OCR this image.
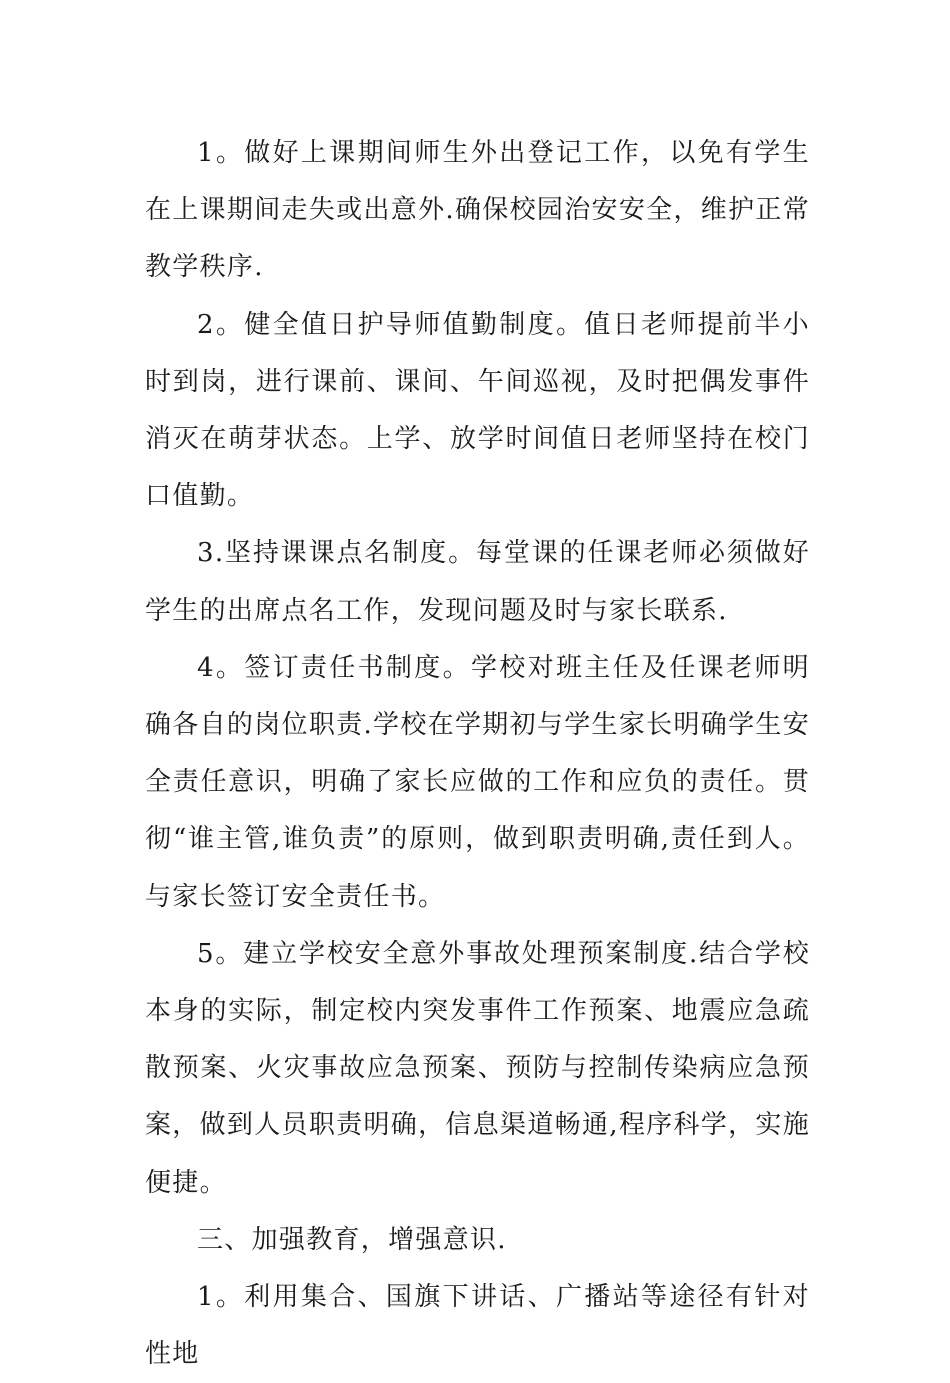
1。做好上课期间师生外出登记工作，以免有学生在上课期间走失或出意外.确保校园治安安全，维护正常教学秩序.

2。健全值日护导师值勤制度。值日老师提前半小时到岗，进行课前、课间、午间巡视，及时把偶发事件消灭在萌芽状态。上学、放学时间值日老师坚持在校门口值勤。

3.坚持课课点名制度。每堂课的任课老师必须做好学生的出席点名工作，发现问题及时与家长联系.

4。签订责任书制度。学校对班主任及任课老师明确各自的岗位职责.学校在学期初与学生家长明确学生安全责任意识，明确了家长应做的工作和应负的责任。贯彻“谁主管,谁负责”的原则，做到职责明确,责任到人。与家长签订安全责任书。

5。建立学校安全意外事故处理预案制度.结合学校本身的实际，制定校内突发事件工作预案、地震应急疏散预案、火灾事故应急预案、预防与控制传染病应急预案，做到人员职责明确，信息渠道畅通,程序科学，实施便捷。

三、加强教育，增强意识.

1。利用集合、国旗下讲话、广播站等途径有针对性地
